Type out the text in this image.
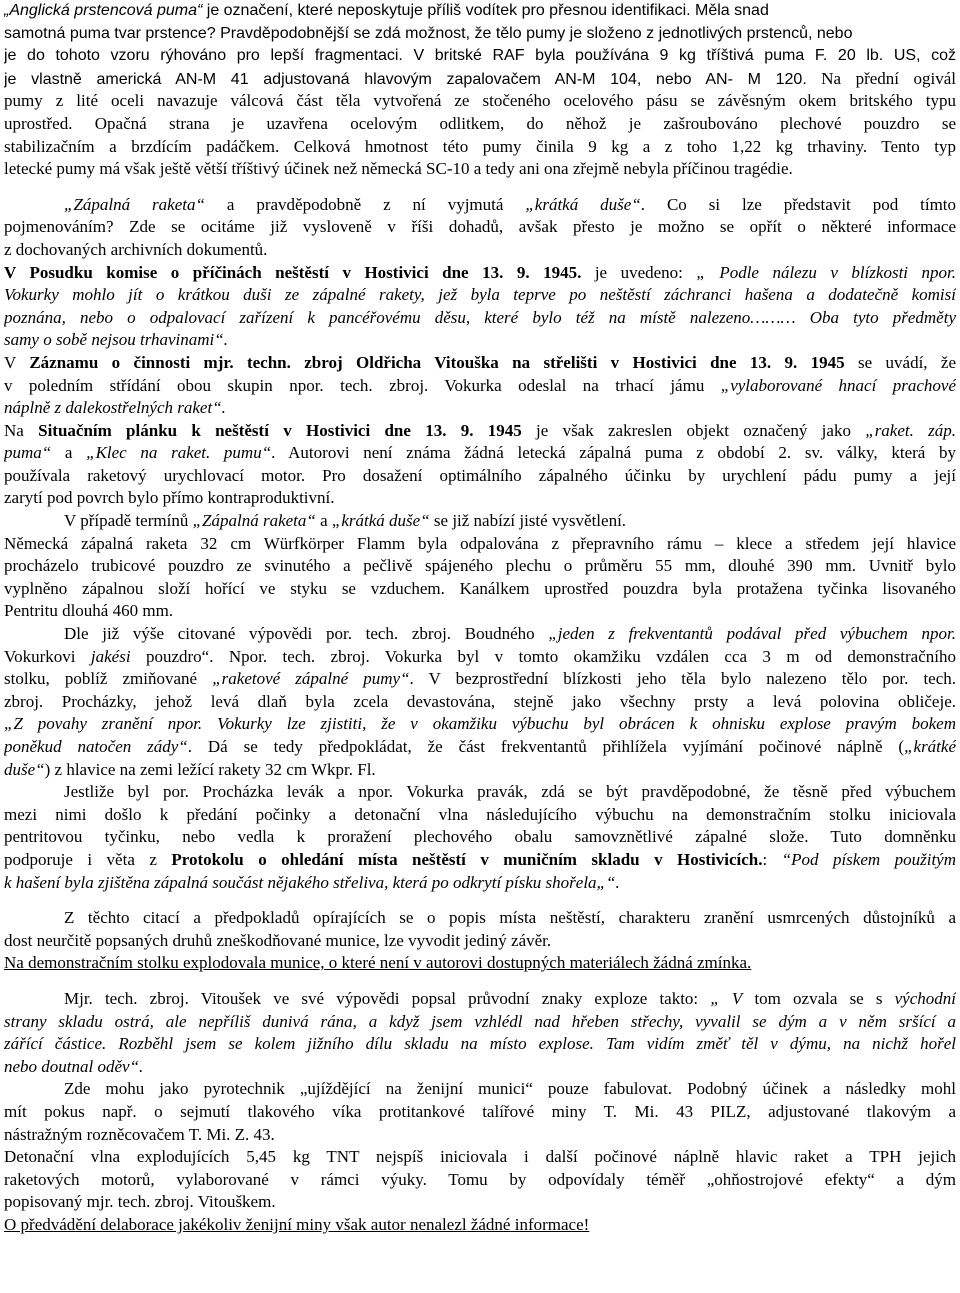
„Anglická prstencová puma“ je označení, které neposkytuje příliš vodítek pro přesnou identifikaci. Měla snad
samotná puma tvar prstence? Pravděpodobnější se zdá možnost, že tělo pumy je složeno z jednotlivých prstenců, nebo
je do tohoto vzoru rýhováno pro lepší fragmentaci. V britské RAF byla používána 9 kg tříštivá puma F. 20 lb. US, což
je vlastně americká AN-M 41 adjustovaná hlavovým zapalovačem AN-M 104, nebo AN- M 120. Na přední ogivál
pumy z lité oceli navazuje válcová část těla vytvořená ze stočeného ocelového pásu se závěsným okem britského typu
uprostřed. Opačná strana je uzavřena ocelovým odlitkem, do něhož je zašroubováno plechové pouzdro se
stabilizačním a brzdícím padáčkem. Celková hmotnost této pumy činila 9 kg a z toho 1,22 kg trhaviny. Tento typ
letecké pumy má však ještě větší tříštivý účinek než německá SC-10 a tedy ani ona zřejmě nebyla příčinou tragédie.
„Zápalná raketa“ a pravděpodobně z ní vyjmutá „krátká duše“. Co si lze představit pod tímto
pojmenováním? Zde se ocitáme již vysloveně v říši dohadů, avšak přesto je možno se opřít o některé informace
z dochovaných archivních dokumentů.
V Posudku komise o příčinách neštěstí v Hostivici dne 13. 9. 1945. je uvedeno: „ Podle nálezu v blízkosti npor.
Vokurky mohlo jít o krátkou duši ze zápalné rakety, jež byla teprve po neštěstí záchranci hašena a dodatečně komisí
poznána, nebo o odpalovací zařízení k pancéřovému děsu, které bylo též na místě nalezeno……… Oba tyto předměty
samy o sobě nejsou trhavinami“.
V Záznamu o činnosti mjr. techn. zbroj Oldřicha Vitouška na střelišti v Hostivici dne 13. 9. 1945 se uvádí, že
v poledním střídání obou skupin npor. tech. zbroj. Vokurka odeslal na trhací jámu „vylaborované hnací prachové
náplně z dalekostřelných raket“.
Na Situačním plánku k neštěstí v Hostivici dne 13. 9. 1945 je však zakreslen objekt označený jako „raket. záp.
puma“ a „Klec na raket. pumu“. Autorovi není známa žádná letecká zápalná puma z období 2. sv. války, která by
používala raketový urychlovací motor. Pro dosažení optimálního zápalného účinku by urychlení pádu pumy a její
zarytí pod povrch bylo přímo kontraproduktivní.
V případě termínů „Zápalná raketa“ a „krátká duše“ se již nabízí jisté vysvětlení.
Německá zápalná raketa 32 cm Würfkörper Flamm byla odpalována z přepravního rámu – klece a středem její hlavice
procházelo trubicové pouzdro ze svinutého a pečlivě spájeného plechu o průměru 55 mm, dlouhé 390 mm. Uvnitř bylo
vyplněno zápalnou složí hořící ve styku se vzduchem. Kanálkem uprostřed pouzdra byla protažena tyčinka lisovaného
Pentritu dlouhá 460 mm.
Dle již výše citované výpovědi por. tech. zbroj. Boudného „jeden z frekventantů podával před výbuchem npor.
Vokurkovi jakési pouzdro“. Npor. tech. zbroj. Vokurka byl v tomto okamžiku vzdálen cca 3 m od demonstračního
stolku, poblíž zmiňované „raketové zápalné pumy“. V bezprostřední blízkosti jeho těla bylo nalezeno tělo por. tech.
zbroj. Procházky, jehož levá dlaň byla zcela devastována, stejně jako všechny prsty a levá polovina obličeje.
„Z povahy zranění npor. Vokurky lze zjistiti, že v okamžiku výbuchu byl obrácen k ohnisku explose pravým bokem
poněkud natočen zády“. Dá se tedy předpokládat, že část frekventantů přihlížela vyjímání počinové náplně („krátké
duše“) z hlavice na zemi ležící rakety 32 cm Wkpr. Fl.
Jestliže byl por. Procházka levák a npor. Vokurka pravák, zdá se být pravděpodobné, že těsně před výbuchem
mezi nimi došlo k předání počinky a detonační vlna následujícího výbuchu na demonstračním stolku iniciovala
pentritovou tyčinku, nebo vedla k proražení plechového obalu samovznětlivé zápalné slože. Tuto domněnku
podporuje i věta z Protokolu o ohledání místa neštěstí v muničním skladu v Hostivicích.: “Pod pískem použitým
k hašení byla zjištěna zápalná součást nějakého střeliva, která po odkrytí písku shořela„“.
Z těchto citací a předpokladů opírajících se o popis místa neštěstí, charakteru zranění usmrcených důstojníků a
dost neurčitě popsaných druhů zneškodňované munice, lze vyvodit jediný závěr.
Na demonstračním stolku explodovala munice, o které není v autorovi dostupných materiálech žádná zmínka.
Mjr. tech. zbroj. Vitoušek ve své výpovědi popsal průvodní znaky exploze takto: „ V tom ozvala se s východní
strany skladu ostrá, ale nepříliš dunivá rána, a když jsem vzhlédl nad hřeben střechy, vyvalil se dým a v něm sršící a
zářící částice. Rozběhl jsem se kolem jižního dílu skladu na místo explose. Tam vidím změť těl v dýmu, na nichž hořel
nebo doutnal oděv“.
Zde mohu jako pyrotechnik „ujíždějící na ženijní munici“ pouze fabulovat. Podobný účinek a následky mohl
mít pokus např. o sejmutí tlakového víka protitankové talířové miny T. Mi. 43 PILZ, adjustované tlakovým a
nástražným rozněcovačem T. Mi. Z. 43.
Detonační vlna explodujících 5,45 kg TNT nejspíš iniciovala i další počinové náplně hlavic raket a TPH jejich
raketových motorů, vylaborované v rámci výuky. Tomu by odpovídaly téměř „ohňostrojové efekty“ a dým
popisovaný mjr. tech. zbroj. Vitouškem.
O předvádění delaborace jakékoliv ženijní miny však autor nenalezl žádné informace!
